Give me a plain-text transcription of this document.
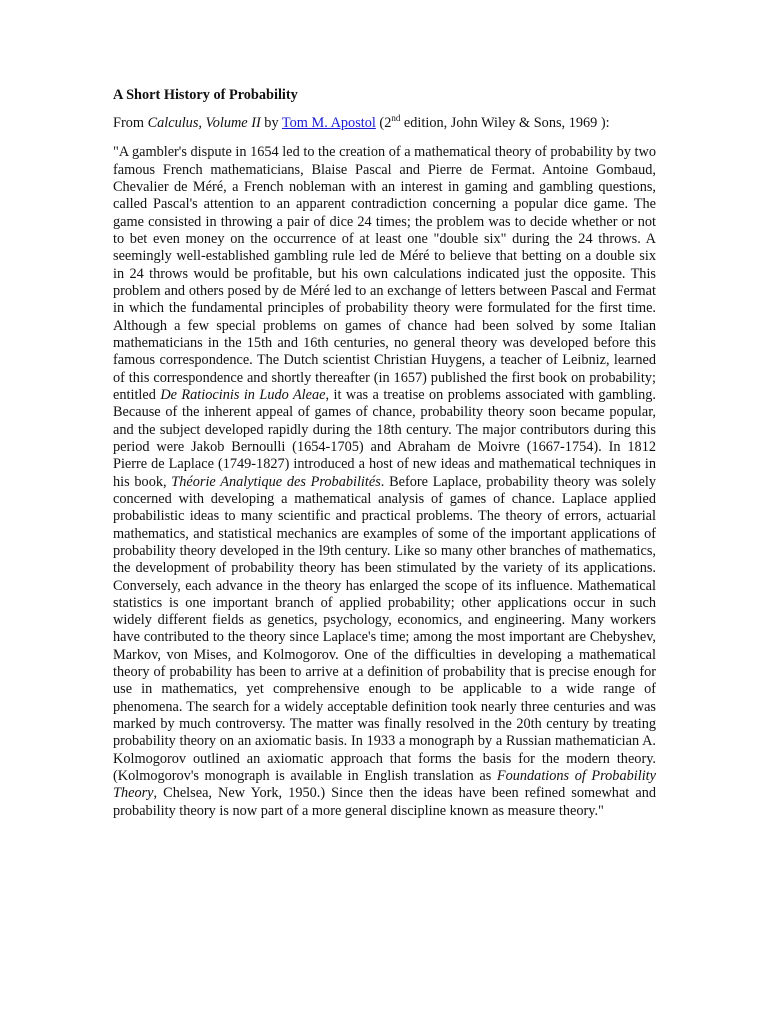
A Short History of Probability

From Calculus, Volume II by Tom M. Apostol (2nd edition, John Wiley & Sons, 1969 ):

"A gambler's dispute in 1654 led to the creation of a mathematical theory of probability by two famous French mathematicians, Blaise Pascal and Pierre de Fermat. Antoine Gombaud, Chevalier de Méré, a French nobleman with an interest in gaming and gambling questions, called Pascal's attention to an apparent contradiction concerning a popular dice game. The game consisted in throwing a pair of dice 24 times; the problem was to decide whether or not to bet even money on the occurrence of at least one "double six" during the 24 throws. A seemingly well-established gambling rule led de Méré to believe that betting on a double six in 24 throws would be profitable, but his own calculations indicated just the opposite. This problem and others posed by de Méré led to an exchange of letters between Pascal and Fermat in which the fundamental principles of probability theory were formulated for the first time. Although a few special problems on games of chance had been solved by some Italian mathematicians in the 15th and 16th centuries, no general theory was developed before this famous correspondence. The Dutch scientist Christian Huygens, a teacher of Leibniz, learned of this correspondence and shortly thereafter (in 1657) published the first book on probability; entitled De Ratiocinis in Ludo Aleae, it was a treatise on problems associated with gambling. Because of the inherent appeal of games of chance, probability theory soon became popular, and the subject developed rapidly during the 18th century. The major contributors during this period were Jakob Bernoulli (1654-1705) and Abraham de Moivre (1667-1754). In 1812 Pierre de Laplace (1749-1827) introduced a host of new ideas and mathematical techniques in his book, Théorie Analytique des Probabilités. Before Laplace, probability theory was solely concerned with developing a mathematical analysis of games of chance. Laplace applied probabilistic ideas to many scientific and practical problems. The theory of errors, actuarial mathematics, and statistical mechanics are examples of some of the important applications of probability theory developed in the l9th century. Like so many other branches of mathematics, the development of probability theory has been stimulated by the variety of its applications. Conversely, each advance in the theory has enlarged the scope of its influence. Mathematical statistics is one important branch of applied probability; other applications occur in such widely different fields as genetics, psychology, economics, and engineering. Many workers have contributed to the theory since Laplace's time; among the most important are Chebyshev, Markov, von Mises, and Kolmogorov. One of the difficulties in developing a mathematical theory of probability has been to arrive at a definition of probability that is precise enough for use in mathematics, yet comprehensive enough to be applicable to a wide range of phenomena. The search for a widely acceptable definition took nearly three centuries and was marked by much controversy. The matter was finally resolved in the 20th century by treating probability theory on an axiomatic basis. In 1933 a monograph by a Russian mathematician A. Kolmogorov outlined an axiomatic approach that forms the basis for the modern theory. (Kolmogorov's monograph is available in English translation as Foundations of Probability Theory, Chelsea, New York, 1950.) Since then the ideas have been refined somewhat and probability theory is now part of a more general discipline known as measure theory."
